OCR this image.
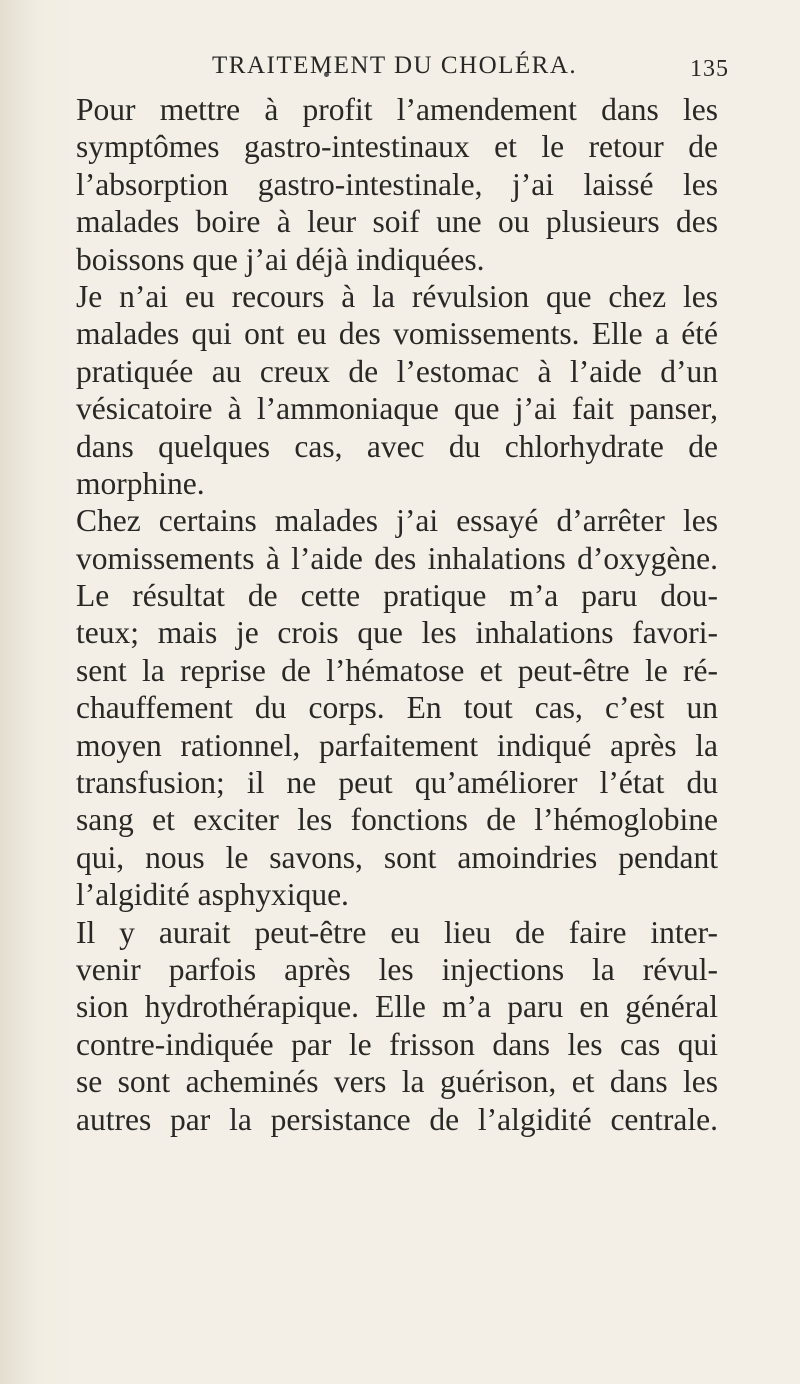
TRAITEMENT DU CHOLÉRA.	135
Pour mettre à profit l’amendement dans les
symptômes gastro-intestinaux et le retour de
l’absorption gastro-intestinale, j’ai laissé les
malades boire à leur soif une ou plusieurs des
boissons que j’ai déjà indiquées.
Je n’ai eu recours à la révulsion que chez les
malades qui ont eu des vomissements. Elle a été
pratiquée au creux de l’estomac à l’aide d’un
vésicatoire à l’ammoniaque que j’ai fait panser,
dans quelques cas, avec du chlorhydrate de
morphine.
Chez certains malades j’ai essayé d’arrêter les
vomissements à l’aide des inhalations d’oxygène.
Le résultat de cette pratique m’a paru dou-
teux; mais je crois que les inhalations favori-
sent la reprise de l’hématose et peut-être le ré-
chauffement du corps. En tout cas, c’est un
moyen rationnel, parfaitement indiqué après la
transfusion; il ne peut qu’améliorer l’état du
sang et exciter les fonctions de l’hémoglobine
qui, nous le savons, sont amoindries pendant
l’algidité asphyxique.
Il y aurait peut-être eu lieu de faire inter-
venir parfois après les injections la révul-
sion hydrothérapique. Elle m’a paru en général
contre-indiquée par le frisson dans les cas qui
se sont acheminés vers la guérison, et dans les
autres par la persistance de l’algidité centrale.
